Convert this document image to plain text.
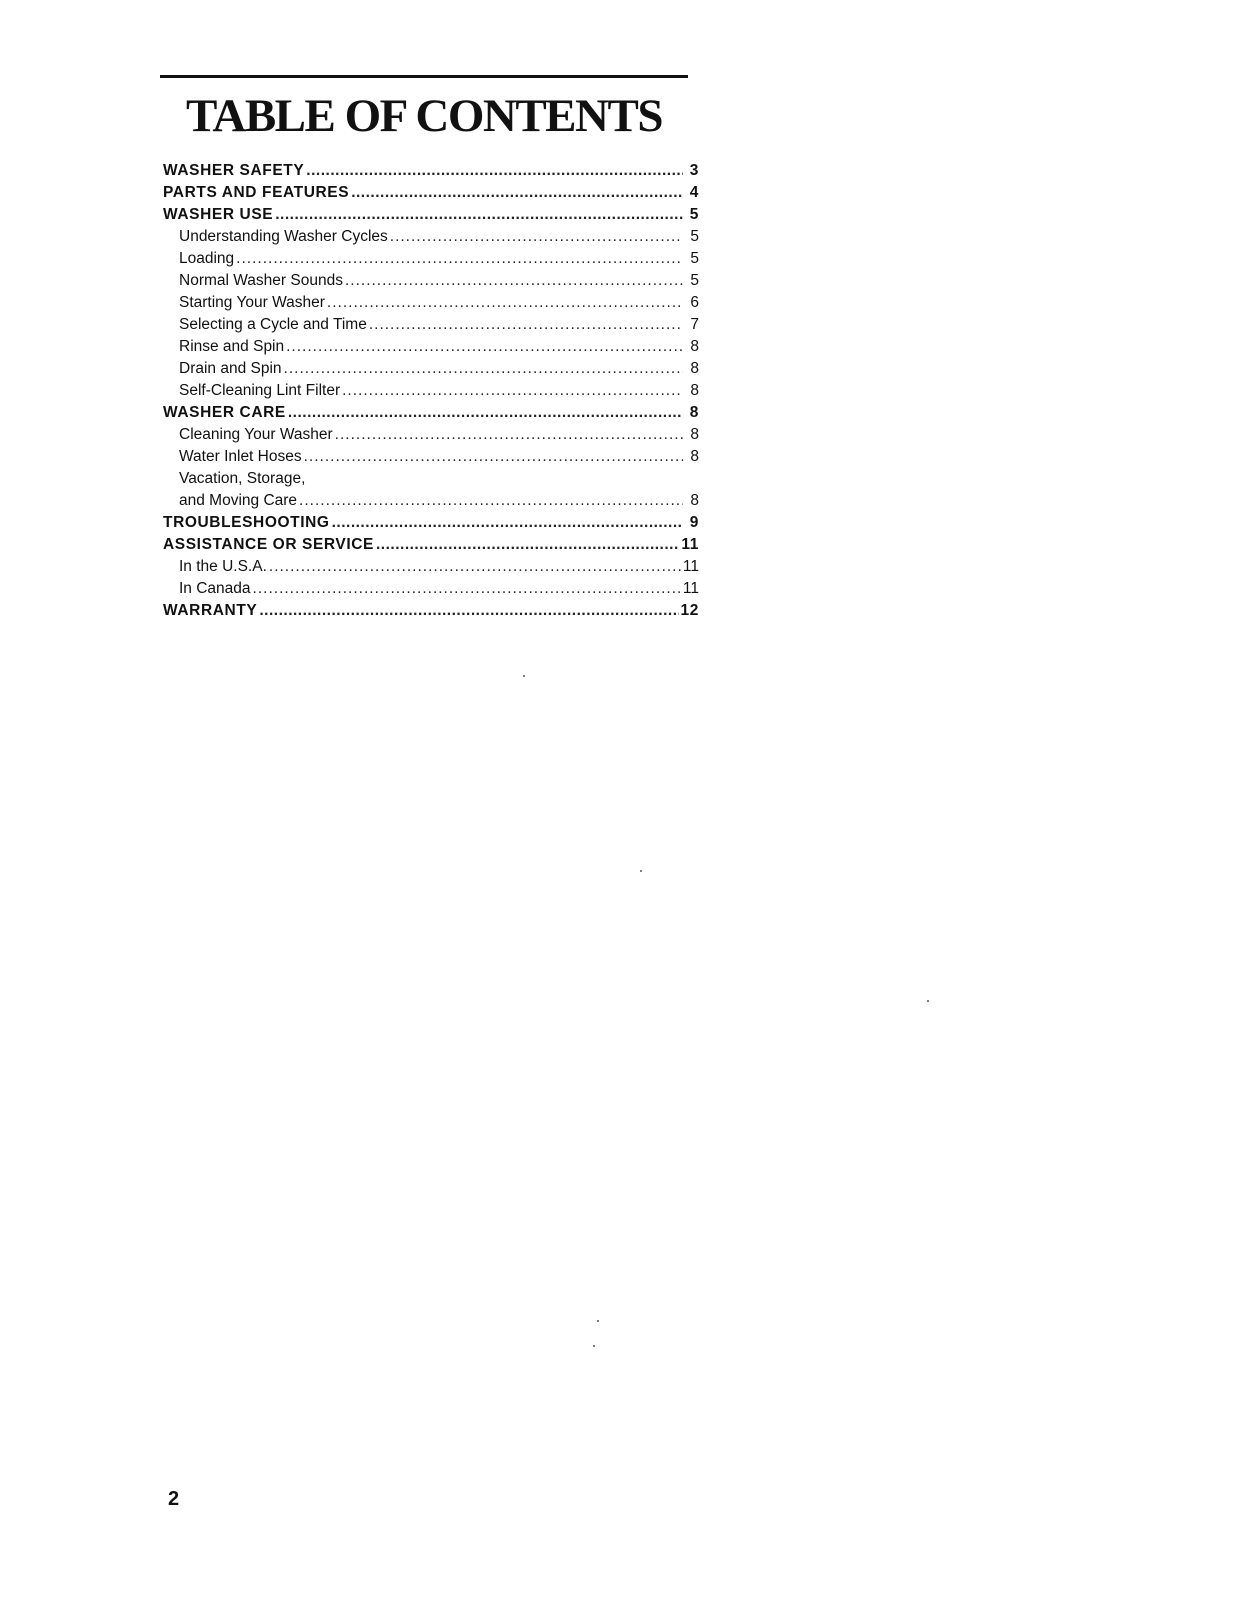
TABLE OF CONTENTS
WASHER SAFETY .....	3
PARTS AND FEATURES .....	4
WASHER USE .....	5
Understanding Washer Cycles .....	5
Loading .....	5
Normal Washer Sounds .....	5
Starting Your Washer .....	6
Selecting a Cycle and Time .....	7
Rinse and Spin .....	8
Drain and Spin .....	8
Self-Cleaning Lint Filter .....	8
WASHER CARE .....	8
Cleaning Your Washer .....	8
Water Inlet Hoses .....	8
Vacation, Storage,
and Moving Care .....	8
TROUBLESHOOTING .....	9
ASSISTANCE OR SERVICE .....	11
In the U.S.A. .....	11
In Canada .....	11
WARRANTY .....	12
2
